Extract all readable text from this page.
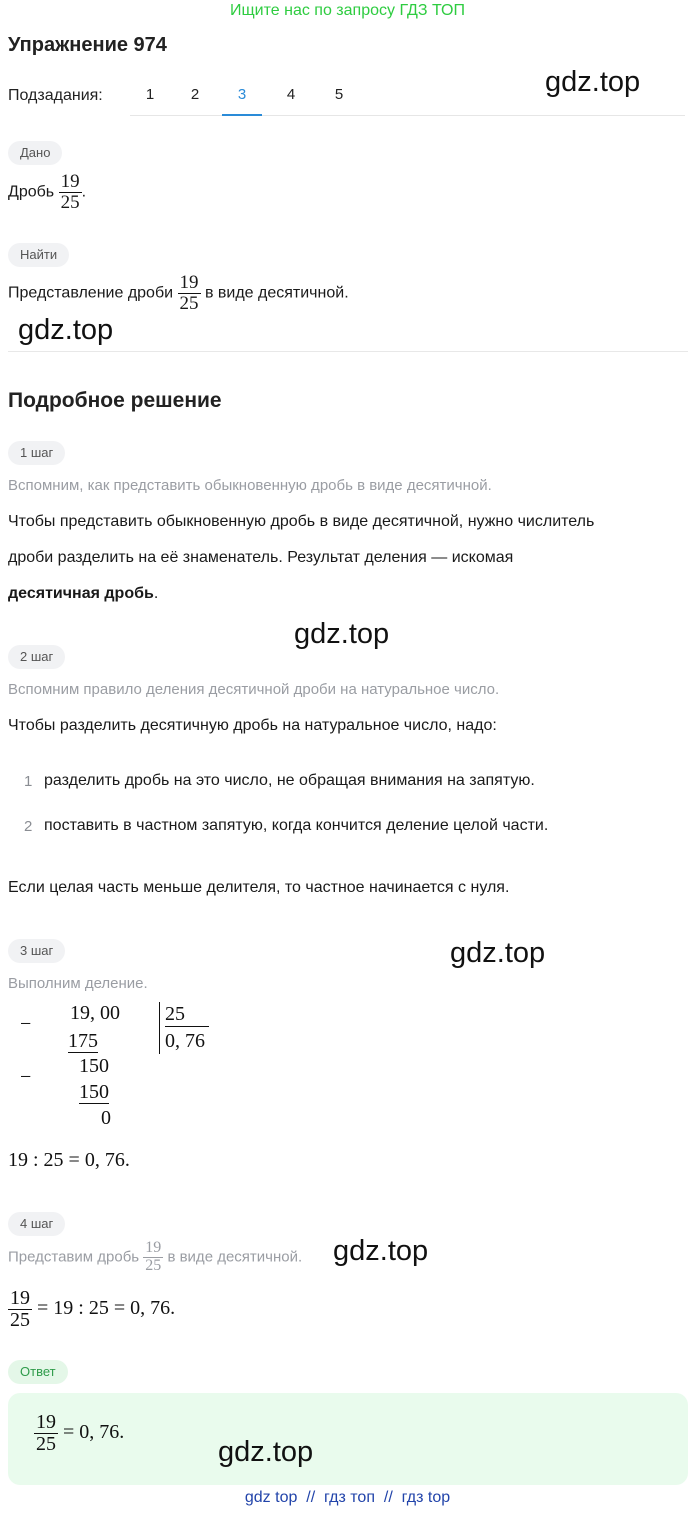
Ищите нас по запросу ГДЗ ТОП
Упражнение 974
Подзадания:	1	2	3	4	5	gdz.top
Дано
Дробь $\frac{19}{25}$ .
Найти
Представление дроби $\frac{19}{25}$ в виде десятичной.
gdz.top
Подробное решение
1 шаг
Вспомним, как представить обыкновенную дробь в виде десятичной.
Чтобы представить обыкновенную дробь в виде десятичной, нужно числитель
дроби разделить на её знаменатель. Результат деления — искомая
десятичная дробь.
gdz.top
2 шаг
Вспомним правило деления десятичной дроби на натуральное число.
Чтобы разделить десятичную дробь на натуральное число, надо:
1 разделить дробь на это число, не обращая внимания на запятую.
2 поставить в частном запятую, когда кончится деление целой части.
Если целая часть меньше делителя, то частное начинается с нуля.
3 шаг	gdz.top
Выполним деление.
− 19, 00
175
− 150
150
0
25
0, 76
19 : 25 = 0, 76.
4 шаг
Представим дробь $\frac{19}{25}$ в виде десятичной. gdz.top
$\frac{19}{25} = 19$ : 25 = 0, 76.
Ответ
$\frac{19}{25} = 0$, 76.
gdz.top
gdz top  //  гдз топ  //  гдз top
